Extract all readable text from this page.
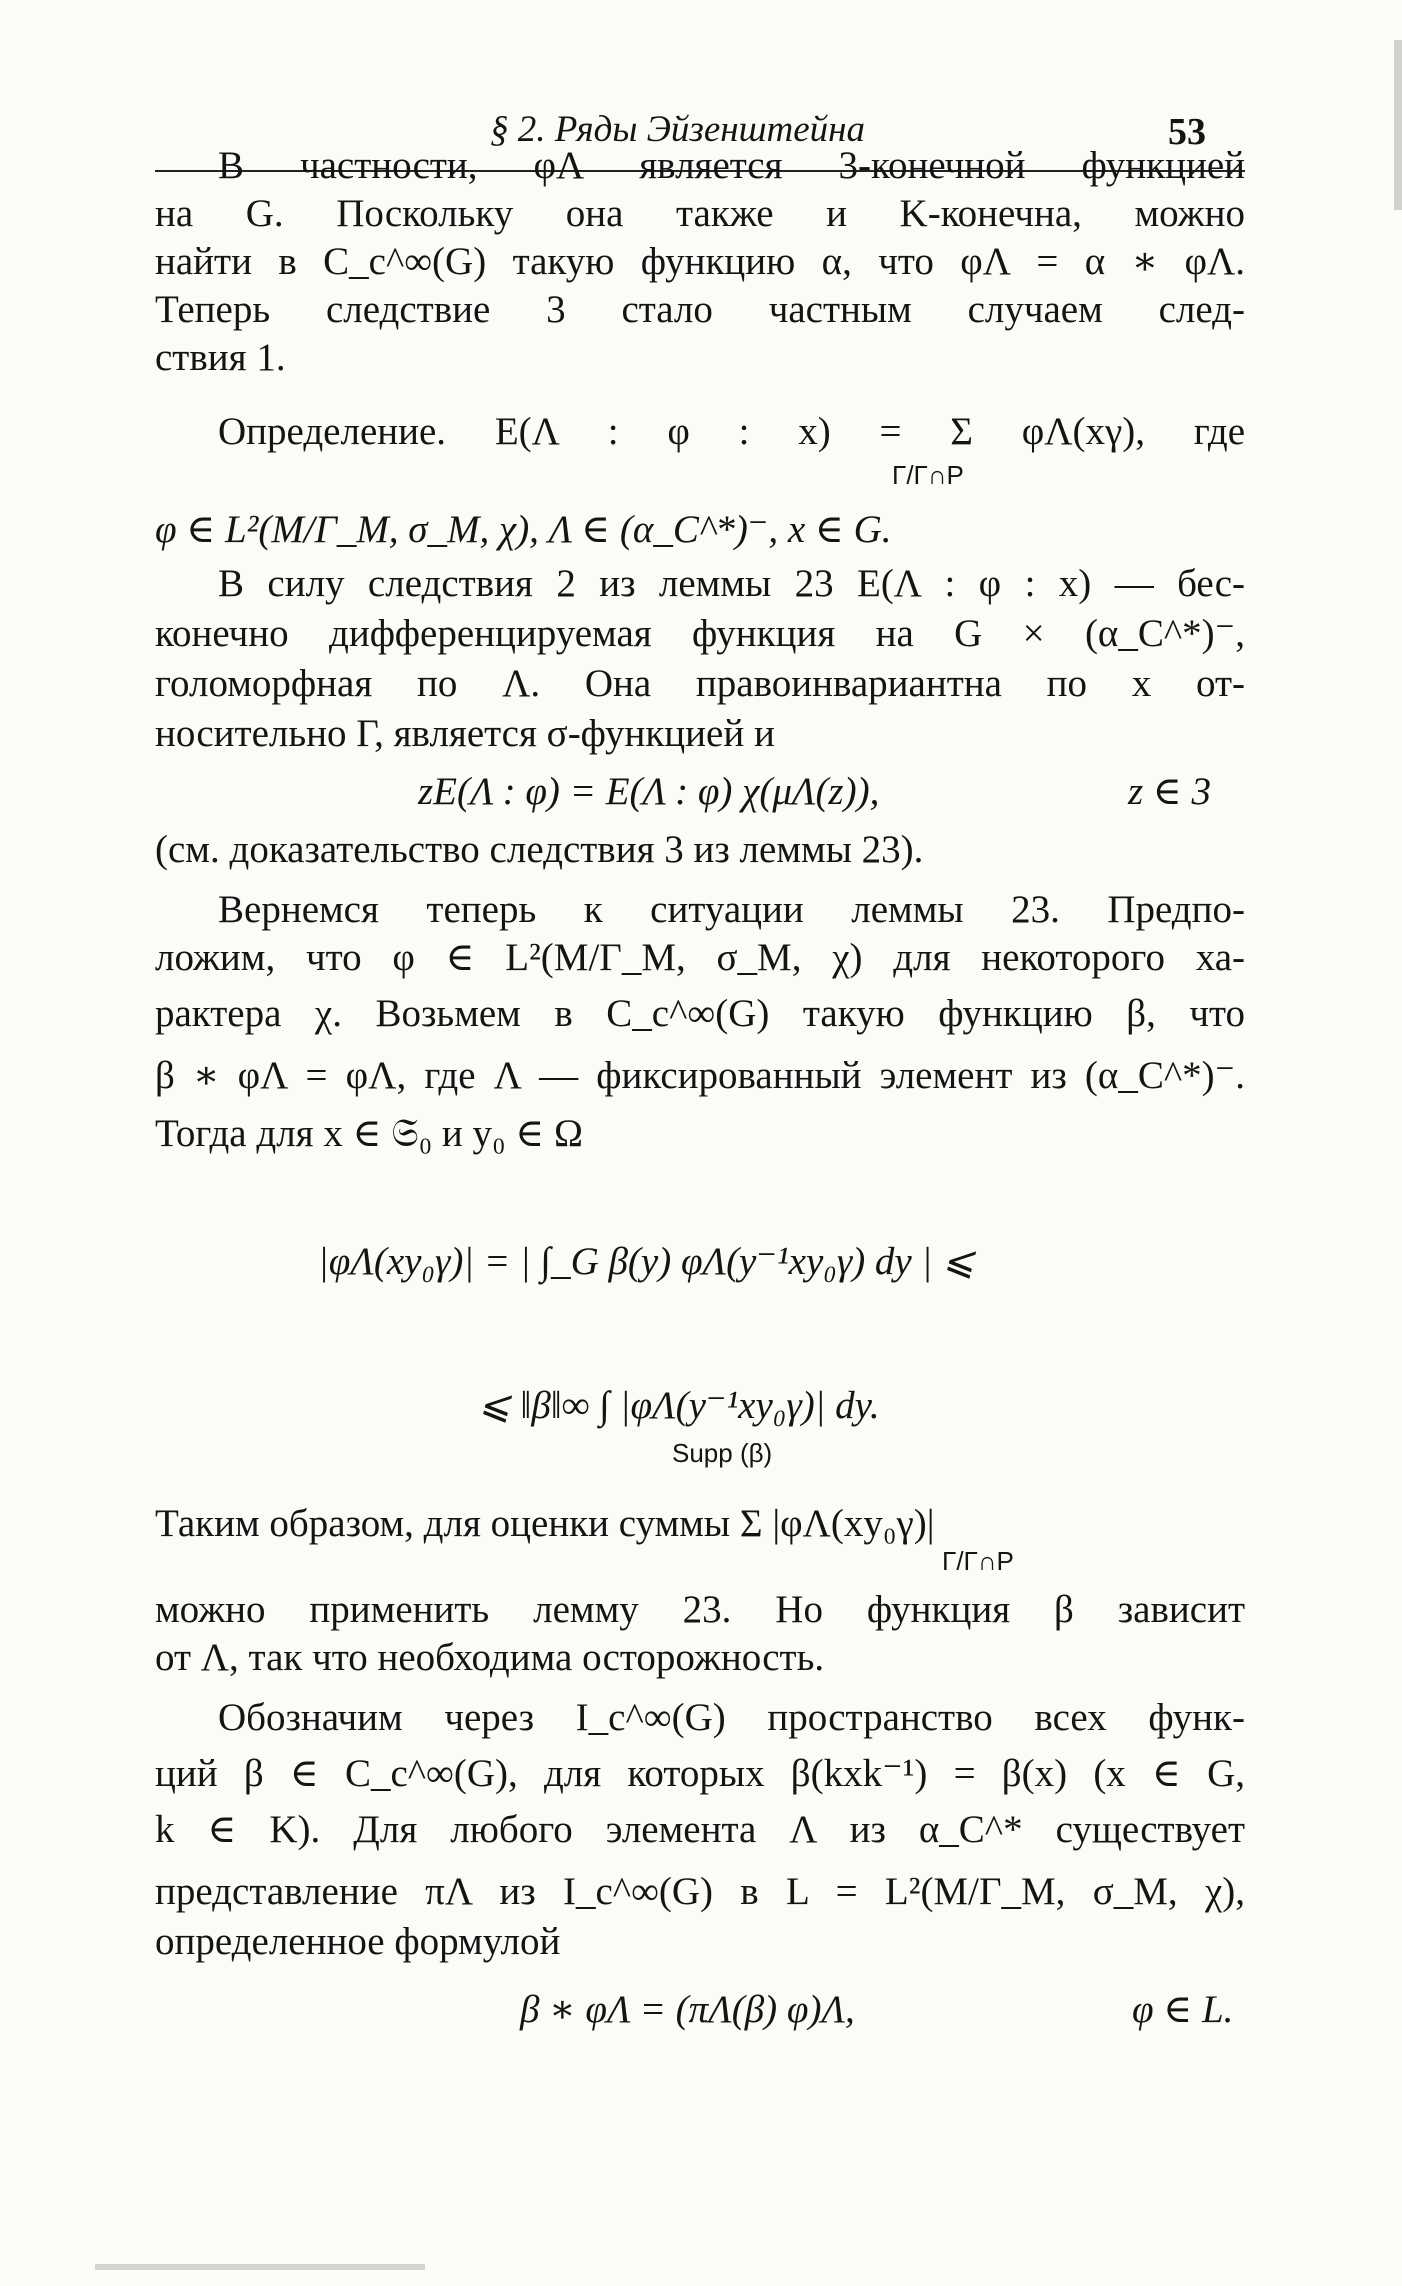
§ 2. Ряды Эйзенштейна	53
В частности, φΛ является 3-конечной функцией
на G. Поскольку она также и K-конечна, можно
найти в C_c^∞(G) такую функцию α, что φΛ = α ∗ φΛ.
Теперь следствие 3 стало частным случаем след-
ствия 1.
Определение. E(Λ : φ : x) = Σ φΛ(xγ), где
Γ/Γ∩P
φ ∈ L²(M/Γ_M, σ_M, χ), Λ ∈ (α_C^*)⁻, x ∈ G.
В силу следствия 2 из леммы 23 E(Λ : φ : x) — бес-
конечно дифференцируемая функция на G × (α_C^*)⁻,
голоморфная по Λ. Она правоинвариантна по x от-
носительно Γ, является σ-функцией и
zE(Λ : φ) = E(Λ : φ) χ(μΛ(z)),	z ∈ 3
(см. доказательство следствия 3 из леммы 23).
Вернемся теперь к ситуации леммы 23. Предпо-
ложим, что φ ∈ L²(M/Γ_M, σ_M, χ) для некоторого ха-
рактера χ. Возьмем в C_c^∞(G) такую функцию β, что
β ∗ φΛ = φΛ, где Λ — фиксированный элемент из (α_C^*)⁻.
Тогда для x ∈ 𝔖₀ и y₀ ∈ Ω
|φΛ(xy₀γ)| = | ∫_G β(y) φΛ(y⁻¹xy₀γ) dy | ⩽
⩽ ‖β‖∞ ∫ |φΛ(y⁻¹xy₀γ)| dy.
Supp (β)
Таким образом, для оценки суммы Σ |φΛ(xy₀γ)|
Γ/Γ∩P
можно применить лемму 23. Но функция β зависит
от Λ, так что необходима осторожность.
Обозначим через I_c^∞(G) пространство всех функ-
ций β ∈ C_c^∞(G), для которых β(kxk⁻¹) = β(x) (x ∈ G,
k ∈ K). Для любого элемента Λ из α_C^* существует
представление πΛ из I_c^∞(G) в L = L²(M/Γ_M, σ_M, χ),
определенное формулой
β ∗ φΛ = (πΛ(β) φ)Λ,	φ ∈ L.
